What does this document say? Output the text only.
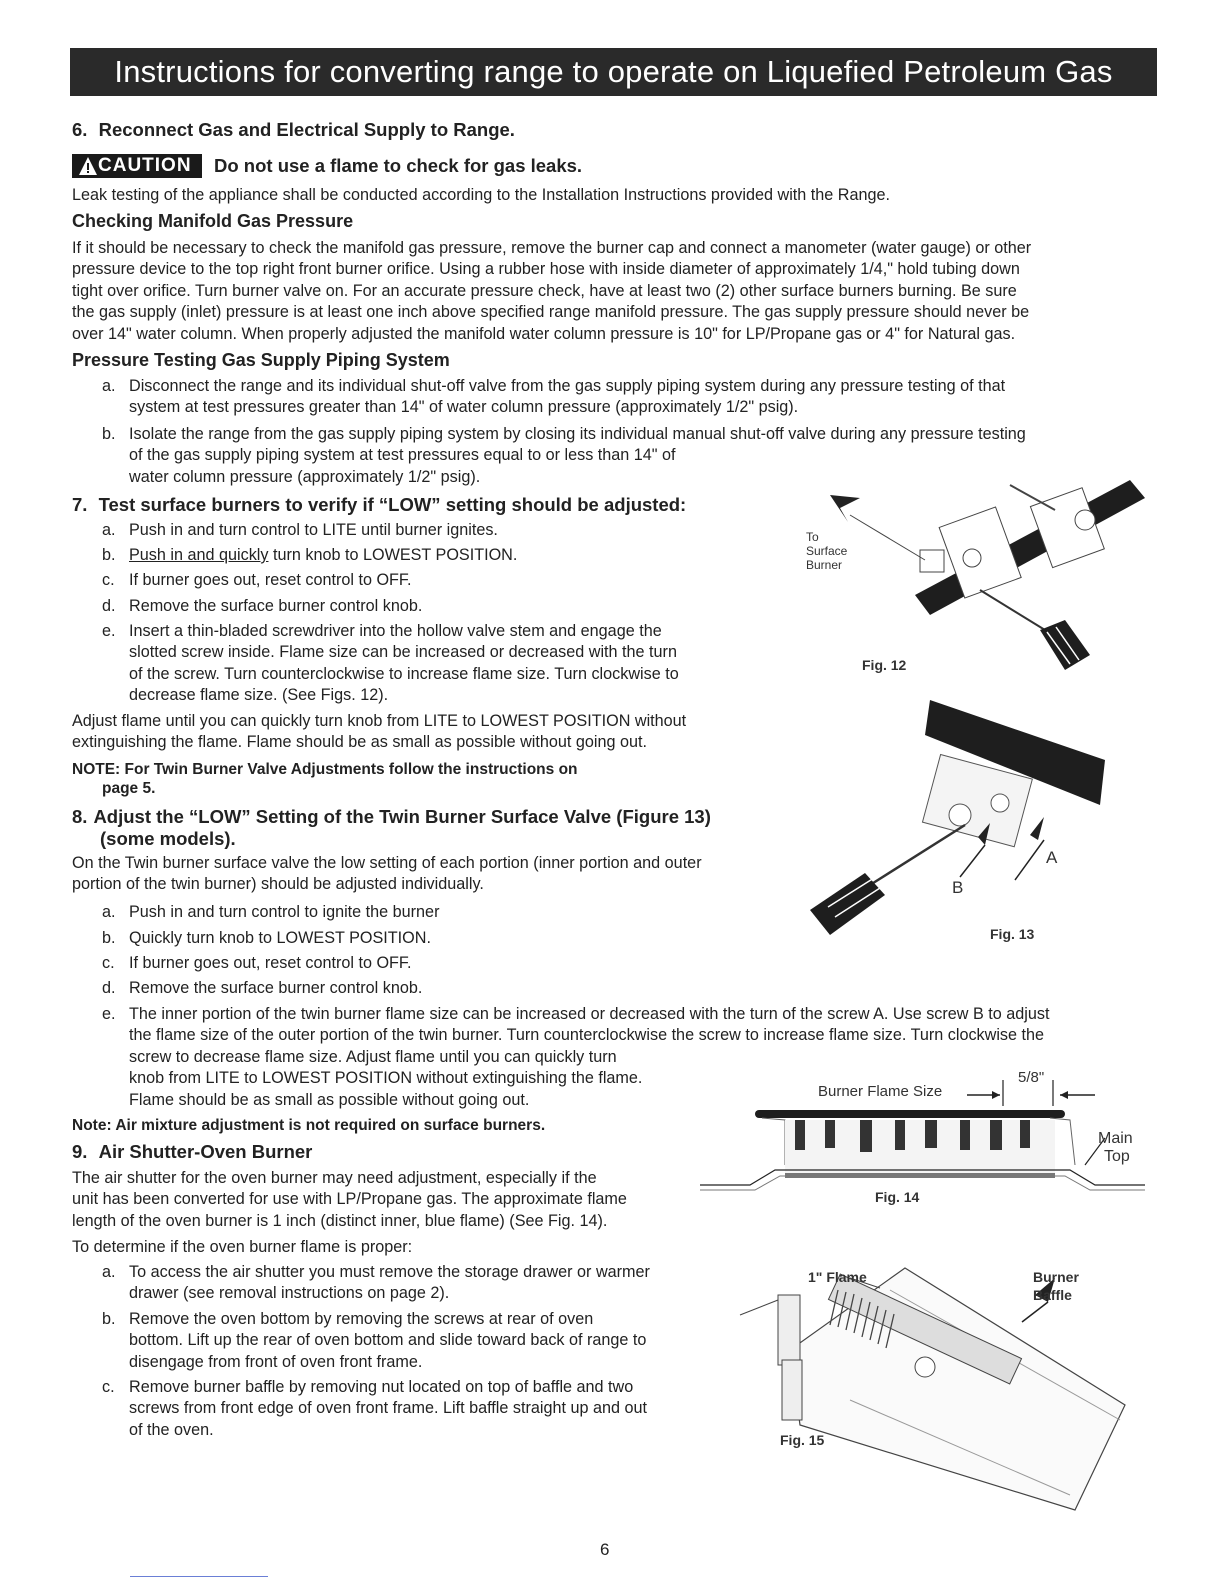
Instructions for converting range to operate on Liquefied Petroleum Gas
6. Reconnect Gas and Electrical Supply to Range.
CAUTION Do not use a flame to check for gas leaks.
Leak testing of the appliance shall be conducted according to the Installation Instructions provided with the Range.
Checking Manifold Gas Pressure
If it should be necessary to check the manifold gas pressure, remove the burner cap and connect a manometer (water gauge) or other
pressure device to the top right front burner orifice. Using a rubber hose with inside diameter of approximately 1/4," hold tubing down
tight over orifice. Turn burner valve on. For an accurate pressure check, have at least two (2) other surface burners burning. Be sure
the gas supply (inlet) pressure is at least one inch above specified range manifold pressure. The gas supply pressure should never be
over 14" water column. When properly adjusted the manifold water column pressure is 10" for LP/Propane gas or 4" for Natural gas.
Pressure Testing Gas Supply Piping System
a. Disconnect the range and its individual shut-off valve from the gas supply piping system during any pressure testing of that
system at test pressures greater than 14" of water column pressure (approximately 1/2" psig).
b. Isolate the range from the gas supply piping system by closing its individual manual shut-off valve during any pressure testing
of the gas supply piping system at test pressures equal to or less than 14" of
water column pressure (approximately 1/2" psig).
7. Test surface burners to verify if “LOW” setting should be adjusted:
a. Push in and turn control to LITE until burner ignites.
b. Push in and quickly turn knob to LOWEST POSITION.
c. If burner goes out, reset control to OFF.
d. Remove the surface burner control knob.
e. Insert a thin-bladed screwdriver into the hollow valve stem and engage the
slotted screw inside. Flame size can be increased or decreased with the turn
of the screw. Turn counterclockwise to increase flame size. Turn clockwise to
decrease flame size. (See Figs. 12).
Adjust flame until you can quickly turn knob from LITE to LOWEST POSITION without
extinguishing the flame. Flame should be as small as possible without going out.
NOTE: For Twin Burner Valve Adjustments follow the instructions on
page 5.
8. Adjust the “LOW” Setting of the Twin Burner Surface Valve (Figure 13)
(some models).
On the Twin burner surface valve the low setting of each portion (inner portion and outer
portion of the twin burner) should be adjusted individually.
a. Push in and turn control to ignite the burner
b. Quickly turn knob to LOWEST POSITION.
c. If burner goes out, reset control to OFF.
d. Remove the surface burner control knob.
e. The inner portion of the twin burner flame size can be increased or decreased with the turn of the screw A. Use screw B to adjust
the flame size of the outer portion of the twin burner. Turn counterclockwise the screw to increase flame size. Turn clockwise the
screw to decrease flame size. Adjust flame until you can quickly turn
knob from LITE to LOWEST POSITION without extinguishing the flame.
Flame should be as small as possible without going out.
Note: Air mixture adjustment is not required on surface burners.
9. Air Shutter-Oven Burner
The air shutter for the oven burner may need adjustment, especially if the
unit has been converted for use with LP/Propane gas. The approximate flame
length of the oven burner is 1 inch (distinct inner, blue flame) (See Fig. 14).
To determine if the oven burner flame is proper:
a. To access the air shutter you must remove the storage drawer or warmer
drawer (see removal instructions on page 2).
b. Remove the oven bottom by removing the screws at rear of oven
bottom. Lift up the rear of oven bottom and slide toward back of range to
disengage from front of oven front frame.
c. Remove burner baffle by removing nut located on top of baffle and two
screws from front edge of oven front frame. Lift baffle straight up and out
of the oven.
To
Surface
Burner
Fig. 12
A
B
Fig. 13
Burner Flame Size
5/8"
Main
Top
Fig. 14
1" Flame	Burner
Baffle
Fig. 15
6
